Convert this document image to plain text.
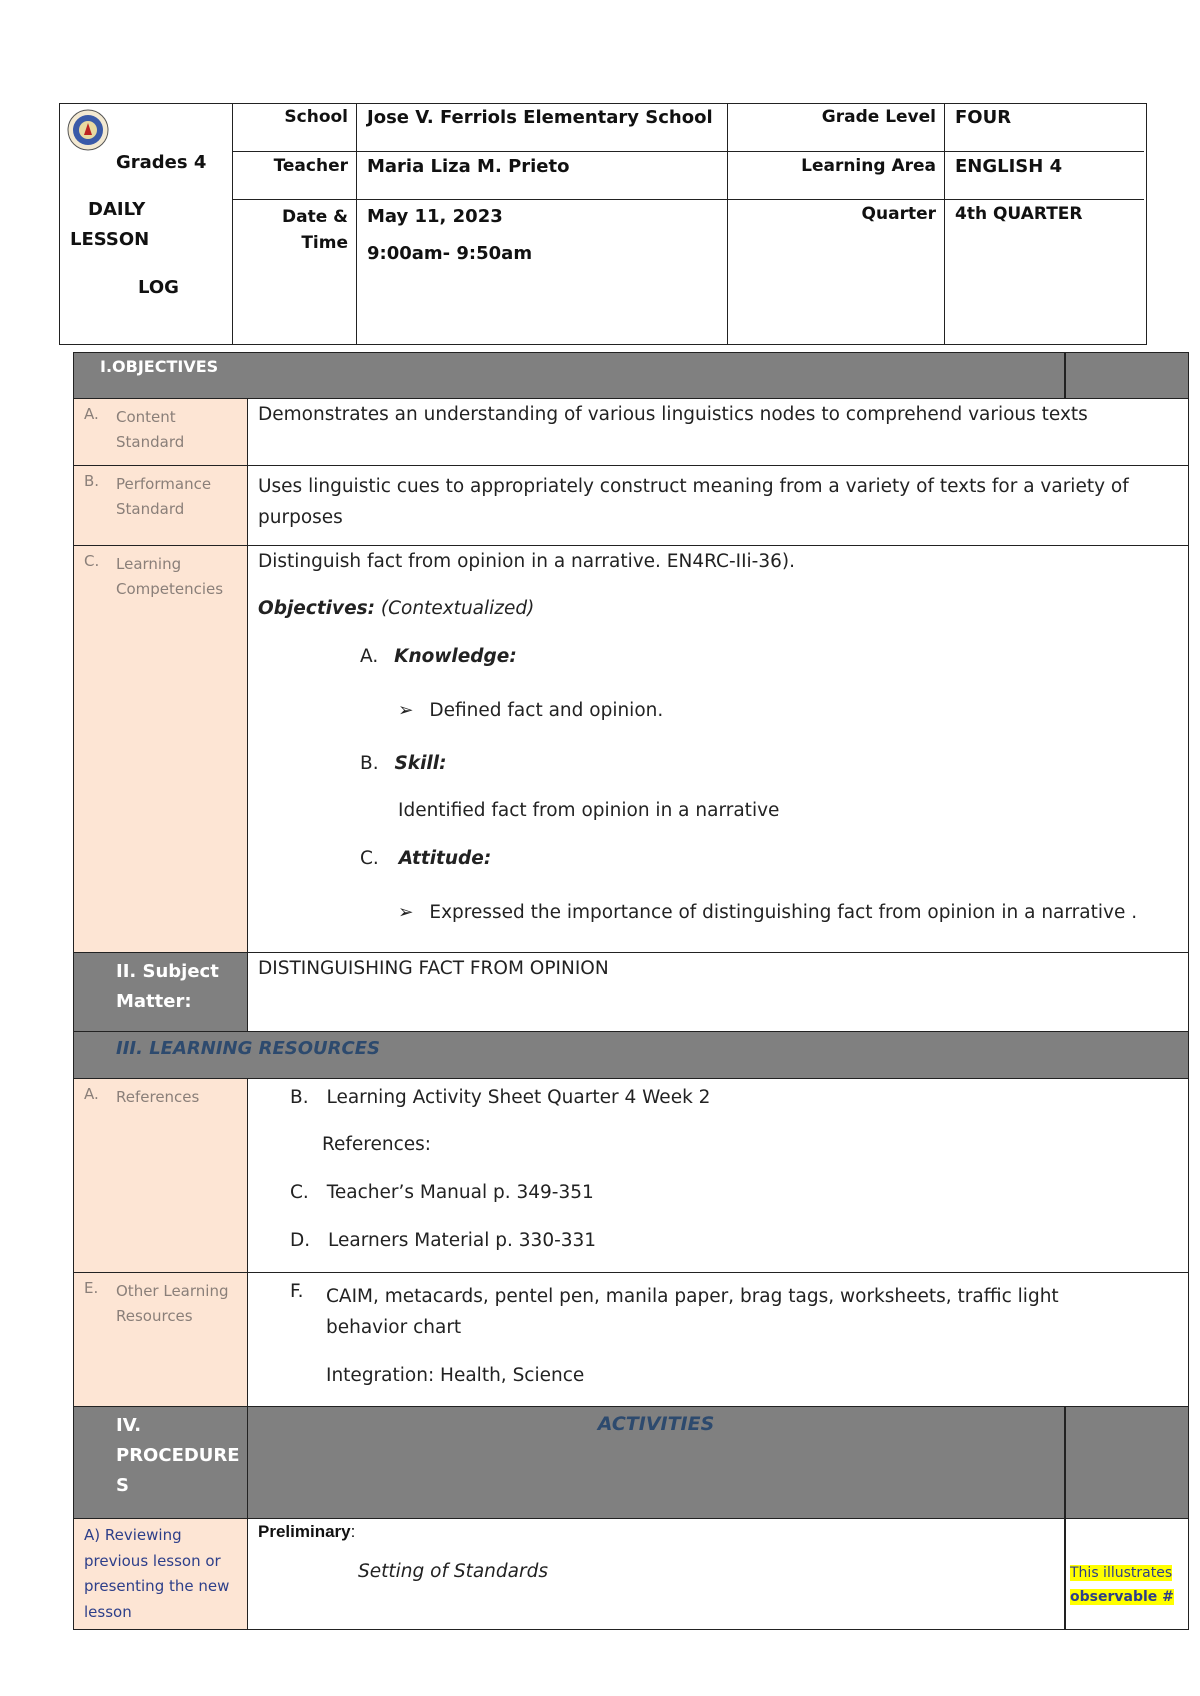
Grades 4
DAILY
LESSON
LOG
School
Teacher
Date &
Time
Jose V. Ferriols Elementary School
Maria Liza M. Prieto
May 11, 2023
9:00am- 9:50am
Grade Level
Learning Area
Quarter
FOUR
ENGLISH 4
4th QUARTER
I.OBJECTIVES
A. Content
Standard
Demonstrates an understanding of various linguistics nodes to comprehend various texts
B. Performance
Standard
Uses linguistic cues to appropriately construct meaning from a variety of texts for a variety of
purposes
C. Learning
Competencies
Distinguish fact from opinion in a narrative. EN4RC-IIi-36).
Objectives: (Contextualized)
A. Knowledge:
➢ Defined fact and opinion.
B. Skill:
Identified fact from opinion in a narrative
C. Attitude:
➢ Expressed the importance of distinguishing fact from opinion in a narrative .
II. Subject
Matter:
DISTINGUISHING FACT FROM OPINION
III. LEARNING RESOURCES
A. References	B. Learning Activity Sheet Quarter 4 Week 2
References:
C. Teacher’s Manual p. 349-351
D. Learners Material p. 330-331
E. Other Learning
Resources
F. CAIM, metacards, pentel pen, manila paper, brag tags, worksheets, traffic light
behavior chart
Integration: Health, Science
IV.
PROCEDURE
S
ACTIVITIES
A) Reviewing
previous lesson or
presenting the new
lesson
Preliminary:
Setting of Standards	This illustrates
observable #
